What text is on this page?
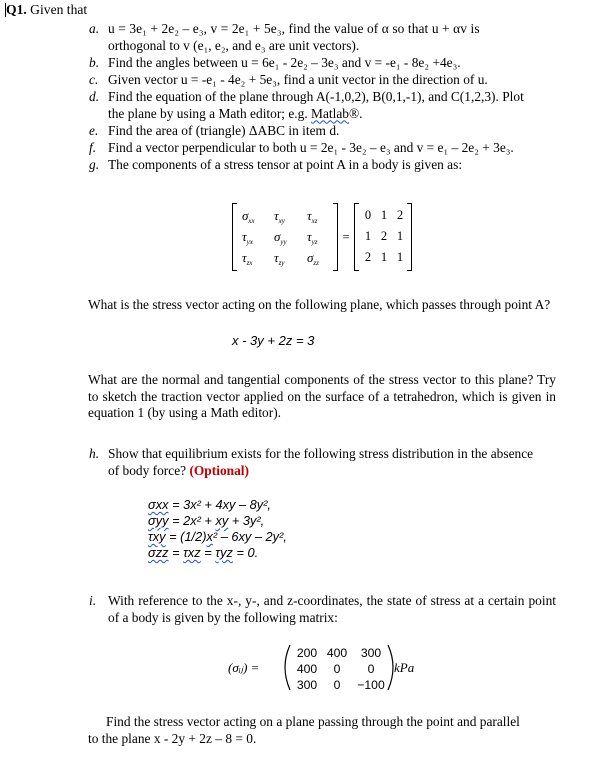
Q1. Given that
a. u = 3e₁ + 2e₂ – e₃, v = 2e₁ + 5e₃, find the value of α so that u + αv is
orthogonal to v (e₁, e₂, and e₃ are unit vectors).
b. Find the angles between u = 6e₁ - 2e₂ – 3e₃ and v = -e₁ - 8e₂ +4e₃.
c. Given vector u = -e₁ - 4e₂ + 5e₃, find a unit vector in the direction of u.
d. Find the equation of the plane through A(-1,0,2), B(0,1,-1), and C(1,2,3). Plot
the plane by using a Math editor; e.g. Matlab®.
e. Find the area of (triangle) ΔABC in item d.
f. Find a vector perpendicular to both u = 2e₁ - 3e₂ – e₃ and v = e₁ – 2e₂ + 3e₃.
g. The components of a stress tensor at point A in a body is given as:
$\sigma_{xx}$ $\tau_{xy}$ $\tau_{xz}$
$\tau_{yx}$ $\sigma_{yy}$ $\tau_{yz}$
$\tau_{zx}$ $\tau_{zy}$ $\sigma_{zz}$
=
0 1 2
1 2 1
2 1 1
What is the stress vector acting on the following plane, which passes through point A?
x - 3y + 2z = 3
What are the normal and tangential components of the stress vector to this plane? Try to sketch the traction vector applied on the surface of a tetrahedron, which is given in equation 1 (by using a Math editor).
h. Show that equilibrium exists for the following stress distribution in the absence
of body force? (Optional)
σxx = 3x² + 4xy – 8y²,
σyy = 2x² + xy + 3y²,
τxy = (1/2)x² – 6xy – 2y²,
σzz = τxz = τyz = 0.
i. With reference to the x-, y-, and z-coordinates, the state of stress at a certain point of a body is given by the following matrix:
(σᵢⱼ) =
200 400	300
400	0	0
300	0	−100
kPa
Find the stress vector acting on a plane passing through the point and parallel
to the plane x - 2y + 2z – 8 = 0.
